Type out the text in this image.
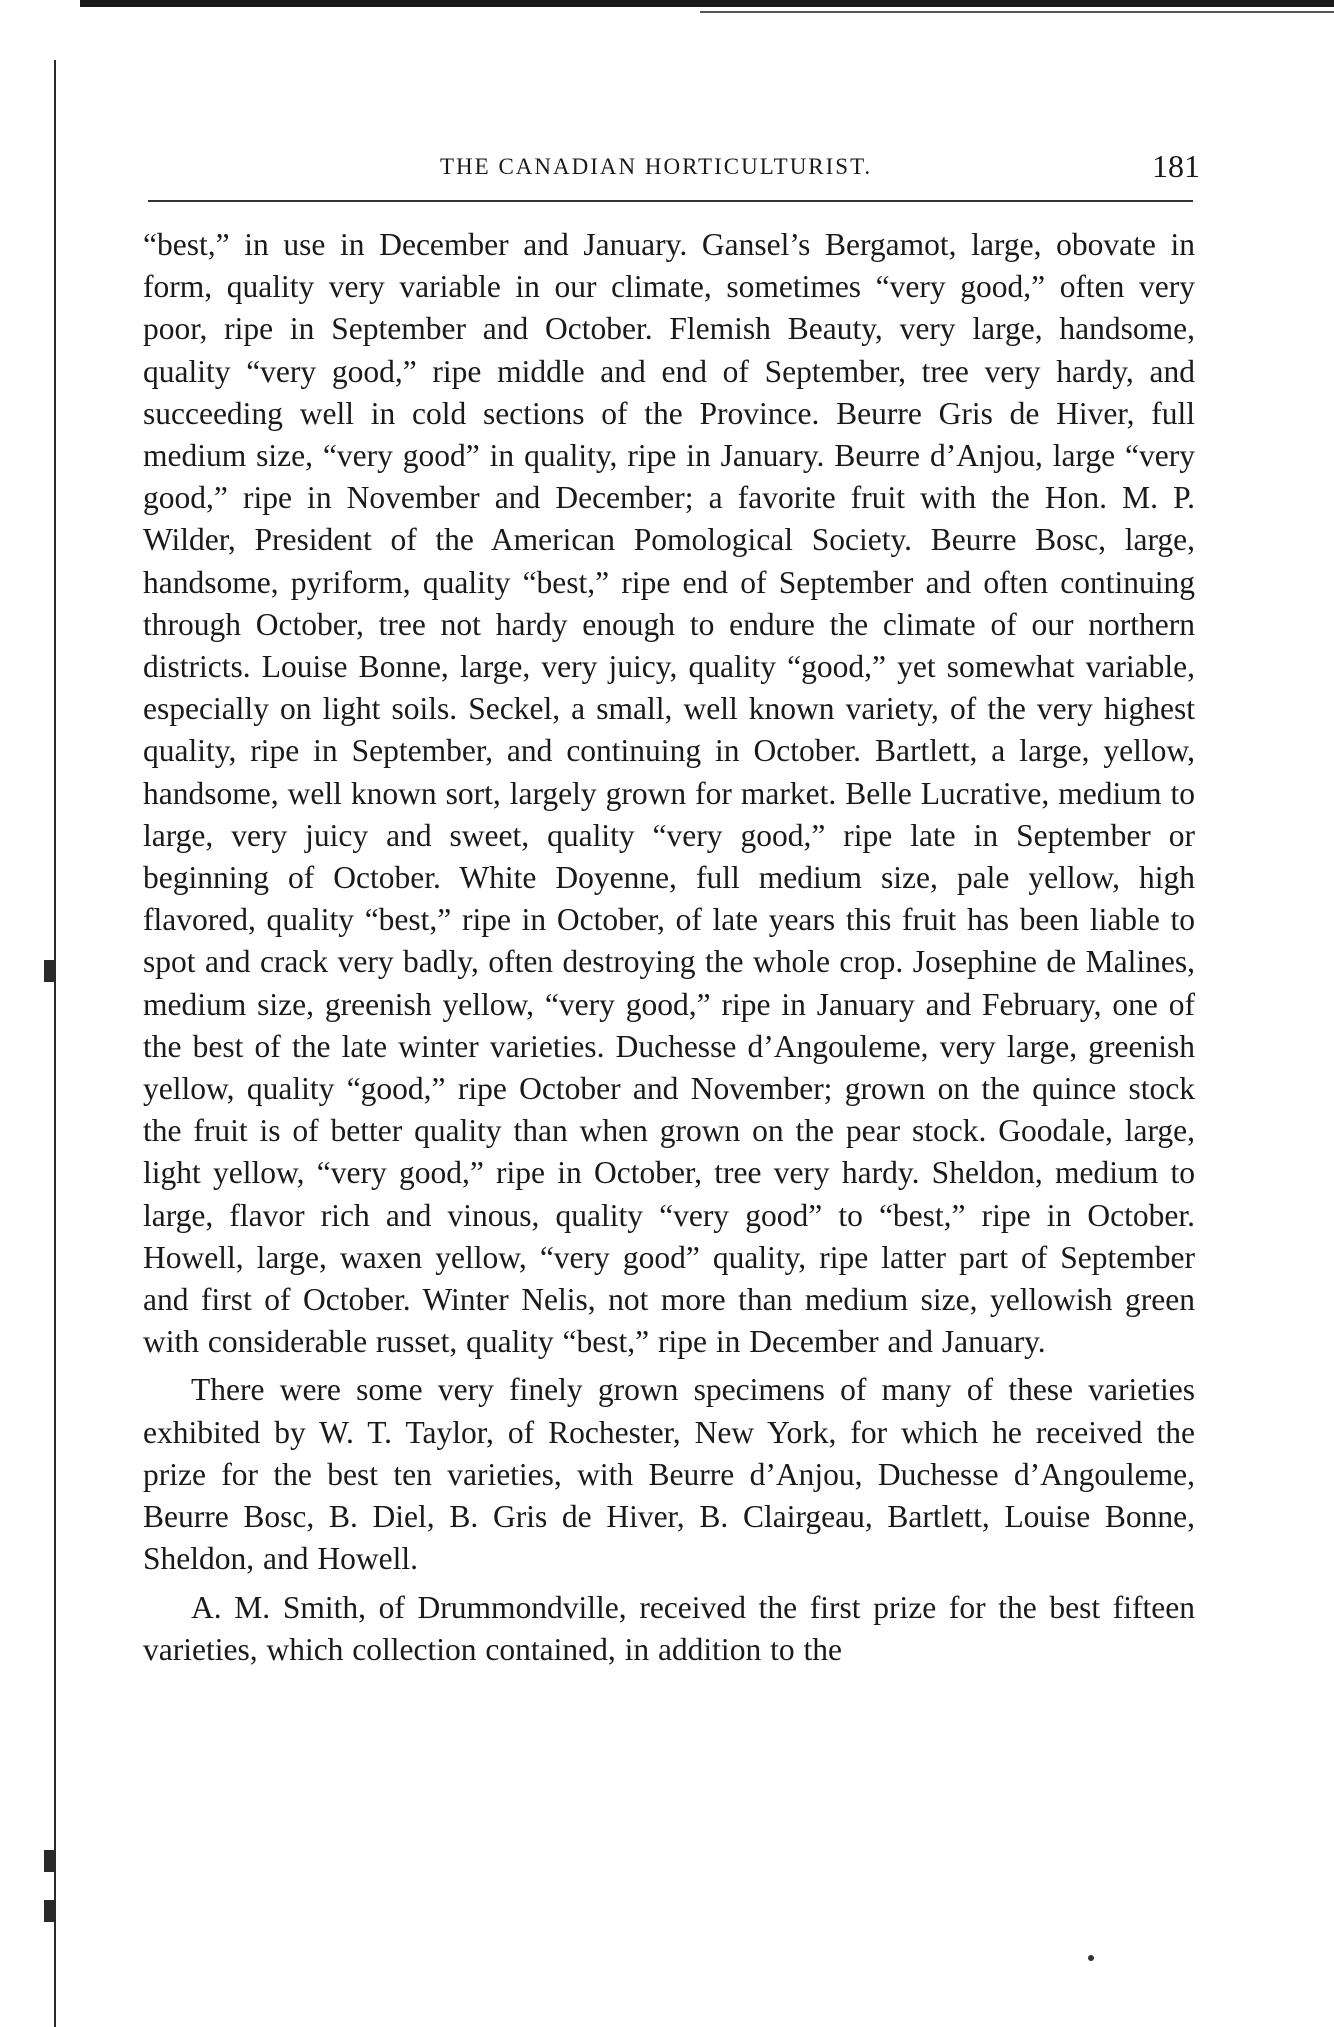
THE CANADIAN HORTICULTURIST.	181

“best,” in use in December and January. Gansel’s Bergamot, large, obovate in form, quality very variable in our climate, sometimes “very good,” often very poor, ripe in September and October. Flemish Beauty, very large, handsome, quality “very good,” ripe middle and end of September, tree very hardy, and succeeding well in cold sections of the Province. Beurre Gris de Hiver, full medium size, “very good” in quality, ripe in January. Beurre d’Anjou, large “very good,” ripe in November and December; a favorite fruit with the Hon. M. P. Wilder, President of the American Pomological Society. Beurre Bosc, large, handsome, pyriform, quality “best,” ripe end of September and often continuing through October, tree not hardy enough to endure the climate of our northern districts. Louise Bonne, large, very juicy, quality “good,” yet somewhat variable, especially on light soils. Seckel, a small, well known variety, of the very highest quality, ripe in September, and continuing in October. Bartlett, a large, yellow, handsome, well known sort, largely grown for market. Belle Lucrative, medium to large, very juicy and sweet, quality “very good,” ripe late in September or beginning of October. White Doyenne, full medium size, pale yellow, high flavored, quality “best,” ripe in October, of late years this fruit has been liable to spot and crack very badly, often destroying the whole crop. Josephine de Malines, medium size, greenish yellow, “very good,” ripe in January and February, one of the best of the late winter varieties. Duchesse d’Angouleme, very large, greenish yellow, quality “good,” ripe October and November; grown on the quince stock the fruit is of better quality than when grown on the pear stock. Goodale, large, light yellow, “very good,” ripe in October, tree very hardy. Sheldon, medium to large, flavor rich and vinous, quality “very good” to “best,” ripe in October. Howell, large, waxen yellow, “very good” quality, ripe latter part of September and first of October. Winter Nelis, not more than medium size, yellowish green with considerable russet, quality “best,” ripe in December and January.

There were some very finely grown specimens of many of these varieties exhibited by W. T. Taylor, of Rochester, New York, for which he received the prize for the best ten varieties, with Beurre d’Anjou, Duchesse d’Angouleme, Beurre Bosc, B. Diel, B. Gris de Hiver, B. Clairgeau, Bartlett, Louise Bonne, Sheldon, and Howell.

A. M. Smith, of Drummondville, received the first prize for the best fifteen varieties, which collection contained, in addition to the
